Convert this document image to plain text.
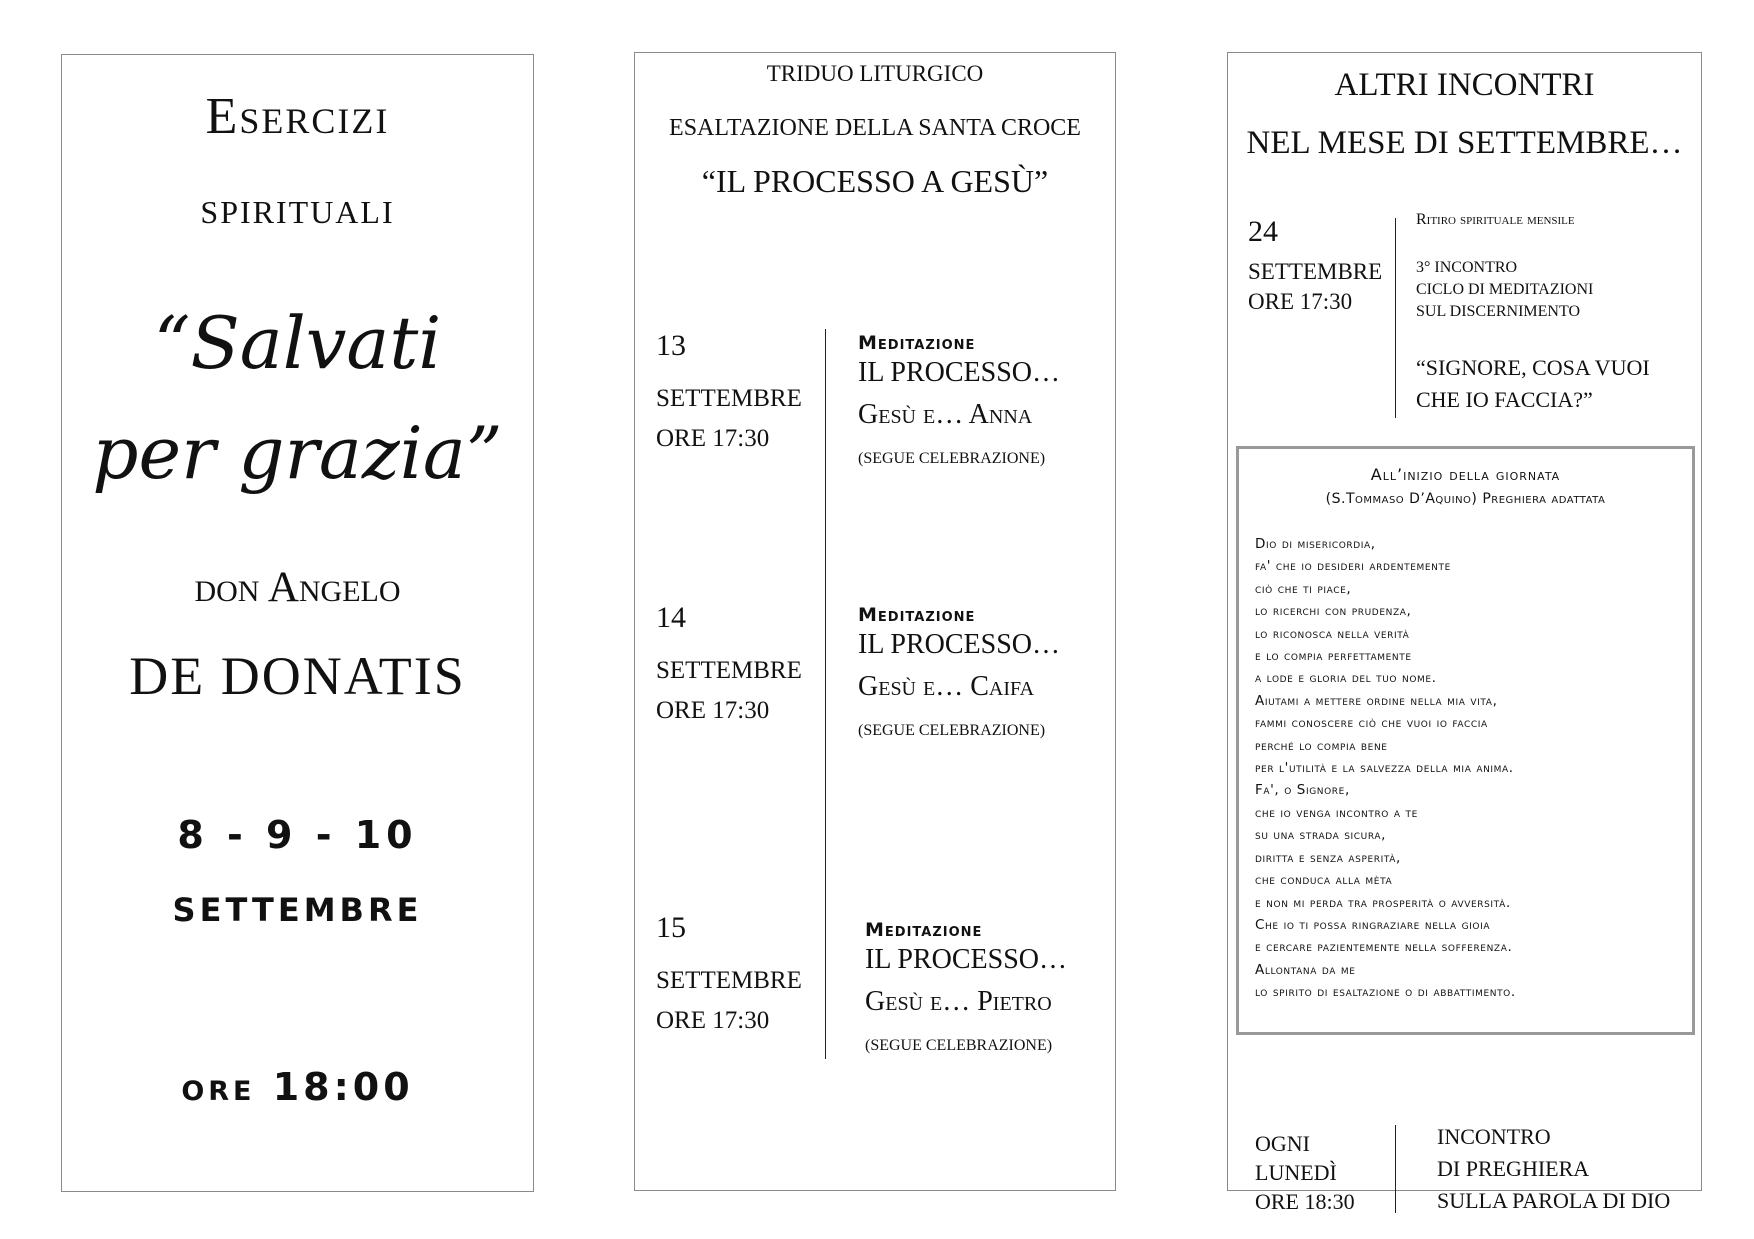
Esercizi
spirituali
“Salvati
per grazia”
don Angelo
DE DONATIS
8 - 9 - 10
SETTEMBRE
ore 18:00
TRIDUO LITURGICO
ESALTAZIONE DELLA SANTA CROCE
“IL PROCESSO A GESÙ”
13
SETTEMBRE
ORE 17:30
Meditazione
IL PROCESSO…
Gesù e… Anna
(SEGUE CELEBRAZIONE)
14
SETTEMBRE
ORE 17:30
Meditazione
IL PROCESSO…
Gesù e… Caifa
(SEGUE CELEBRAZIONE)
15
SETTEMBRE
ORE 17:30
Meditazione
IL PROCESSO…
Gesù e… Pietro
(SEGUE CELEBRAZIONE)
ALTRI INCONTRI
NEL MESE DI SETTEMBRE…
24
SETTEMBRE
ORE 17:30
Ritiro spirituale mensile
3° INCONTRO
CICLO DI MEDITAZIONI
SUL DISCERNIMENTO
“SIGNORE, COSA VUOI
CHE IO FACCIA?”
All’inizio della giornata
(S.Tommaso D’Aquino) Preghiera adattata
Dio di misericordia,
fa' che io desideri ardentemente
ciò che ti piace,
lo ricerchi con prudenza,
lo riconosca nella verità
e lo compia perfettamente
a lode e gloria del tuo nome.
Aiutami a mettere ordine nella mia vita,
fammi conoscere ciò che vuoi io faccia
perché lo compia bene
per l'utilità e la salvezza della mia anima.
Fa', o Signore,
che io venga incontro a te
su una strada sicura,
diritta e senza asperità,
che conduca alla mèta
e non mi perda tra prosperità o avversità.
Che io ti possa ringraziare nella gioia
e cercare pazientemente nella sofferenza.
Allontana da me
lo spirito di esaltazione o di abbattimento.
OGNI
LUNEDÌ
ORE 18:30
INCONTRO
DI PREGHIERA
SULLA PAROLA DI DIO
